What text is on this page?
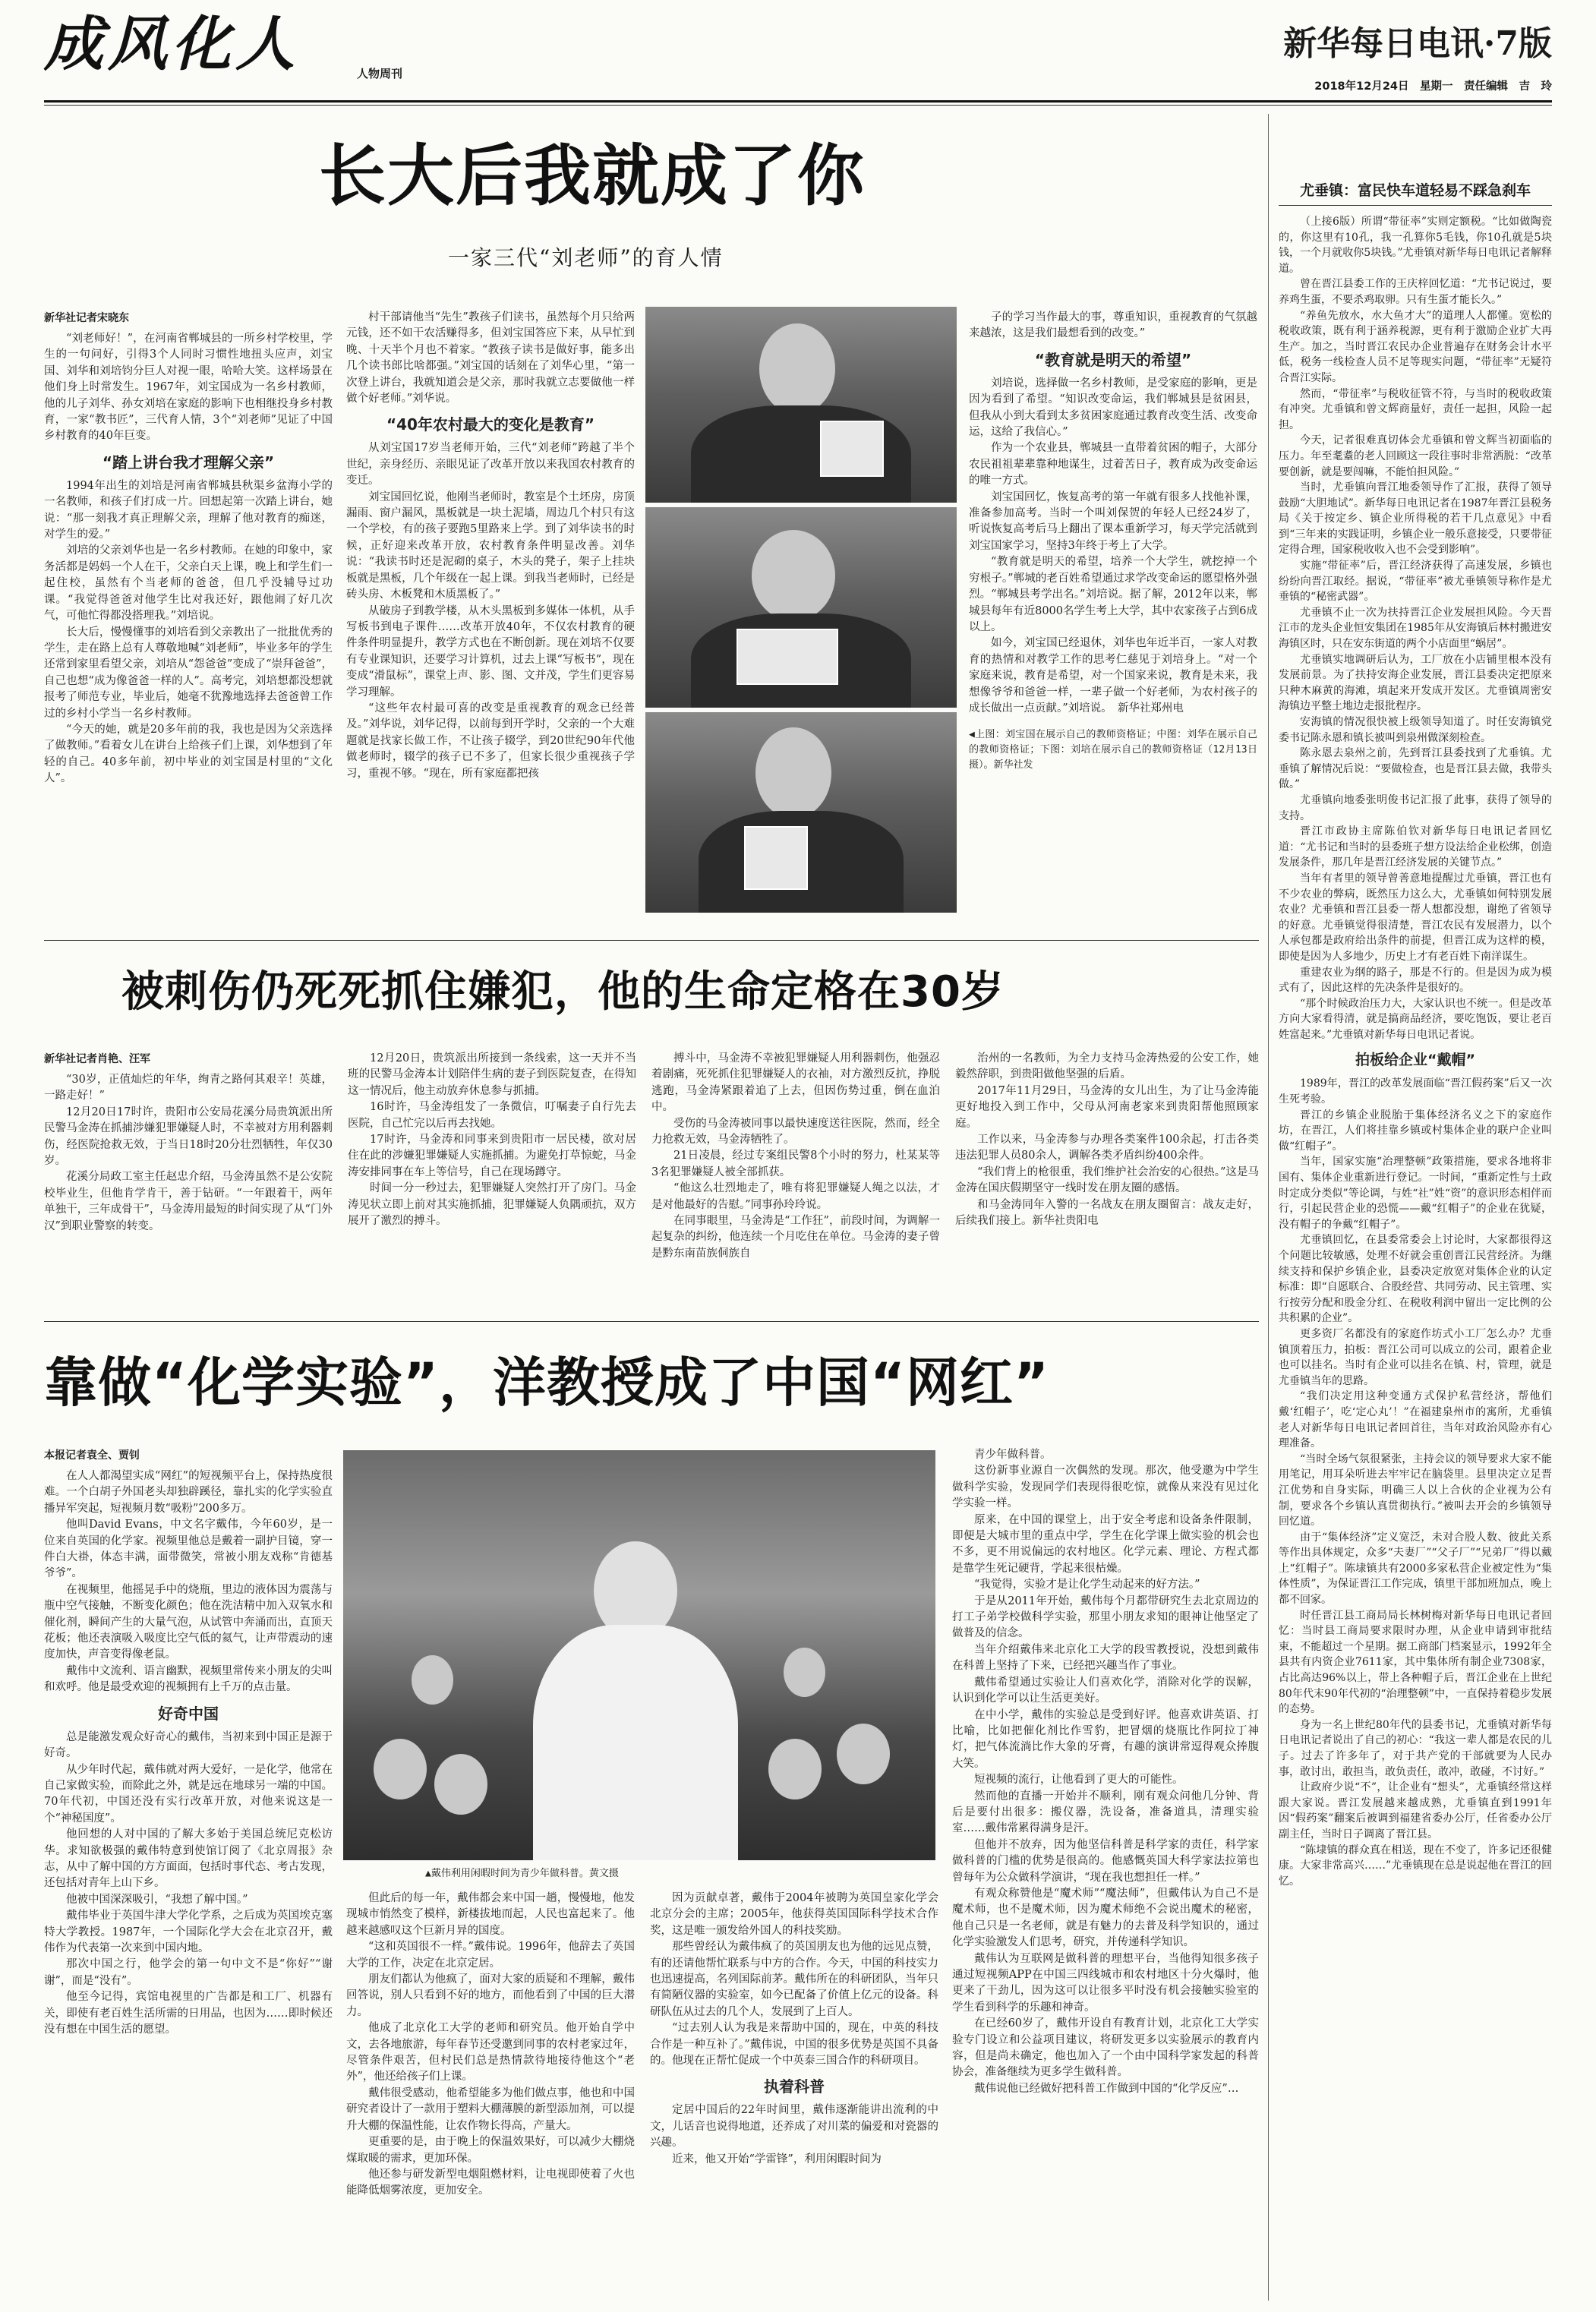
成风化人	人物周刊
新华每日电讯·7版
2018年12月24日　星期一　责任编辑　吉　玲
长大后我就成了你
一家三代“刘老师”的育人情
新华社记者宋晓东

“刘老师好！”，在河南省郸城县的一所乡村学校里，学生的一句问好，引得3个人同时习惯性地扭头应声，刘宝国、刘华和刘培钧分巨人对视一眼，哈哈大笑。这样场景在他们身上时常发生。1967年，刘宝国成为一名乡村教师，他的儿子刘华、孙女刘培在家庭的影响下也相继投身乡村教育，一家“教书匠”，三代育人情，3个“刘老师”见证了中国乡村教育的40年巨变。

“踏上讲台我才理解父亲”

1994年出生的刘培是河南省郸城县秋渠乡盆海小学的一名教师，和孩子们打成一片。回想起第一次踏上讲台，她说：“那一刻我才真正理解父亲，理解了他对教育的痴迷，对学生的爱。”

刘培的父亲刘华也是一名乡村教师。在她的印象中，家务活都是妈妈一个人在干，父亲白天上课，晚上和学生们一起住校，虽然有个当老师的爸爸，但几乎没辅导过功课。“我觉得爸爸对他学生比对我还好，跟他闹了好几次气，可他忙得都没搭理我。”刘培说。

长大后，慢慢懂事的刘培看到父亲教出了一批批优秀的学生，走在路上总有人尊敬地喊“刘老师”，毕业多年的学生还常到家里看望父亲，刘培从“怨爸爸”变成了“崇拜爸爸”，自己也想“成为像爸爸一样的人”。高考完，刘培想都没想就报考了师范专业，毕业后，她毫不犹豫地选择去爸爸曾工作过的乡村小学当一名乡村教师。

“今天的她，就是20多年前的我，我也是因为父亲选择了做教师。”看着女儿在讲台上给孩子们上课，刘华想到了年轻的自己。40多年前，初中毕业的刘宝国是村里的“文化人”。

村干部请他当“先生”教孩子们读书，虽然每个月只给两元钱，还不如干农活赚得多，但刘宝国答应下来，从早忙到晚、十天半个月也不着家。“教孩子读书是做好事，能多出几个读书郎比啥都强。”刘宝国的话刻在了刘华心里，“第一次登上讲台，我就知道会是父亲，那时我就立志要做他一样做个好老师。”刘华说。

“40年农村最大的变化是教育”

从刘宝国17岁当老师开始，三代“刘老师”跨越了半个世纪，亲身经历、亲眼见证了改革开放以来我国农村教育的变迁。

刘宝国回忆说，他刚当老师时，教室是个土坯房，房顶漏雨、窗户漏风，黑板就是一块土泥墙，周边几个村只有这一个学校，有的孩子要跑5里路来上学。到了刘华读书的时候，正好迎来改革开放，农村教育条件明显改善。刘华说：“我读书时还是泥砌的桌子，木头的凳子，架子上挂块板就是黑板，几个年级在一起上课。到我当老师时，已经是砖头房、木板凳和木质黑板了。”

从破房子到教学楼，从木头黑板到多媒体一体机，从手写板书到电子课件……改革开放40年，不仅农村教育的硬件条件明显提升，教学方式也在不断创新。现在刘培不仅要有专业课知识，还要学习计算机，过去上课“写板书”，现在变成“滑鼠标”，课堂上声、影、图、文并茂，学生们更容易学习理解。

“这些年农村最可喜的改变是重视教育的观念已经普及。”刘华说，刘华记得，以前每到开学时，父亲的一个大难题就是找家长做工作，不让孩子辍学，到20世纪90年代他做老师时，辍学的孩子已不多了，但家长很少重视孩子学习，重视不够。“现在，所有家庭都把孩

子的学习当作最大的事，尊重知识，重视教育的气氛越来越浓，这是我们最想看到的改变。”

“教育就是明天的希望”

刘培说，选择做一名乡村教师，是受家庭的影响，更是因为看到了希望。“知识改变命运，我们郸城县是贫困县，但我从小到大看到太多贫困家庭通过教育改变生活、改变命运，这给了我信心。”

作为一个农业县，郸城县一直带着贫困的帽子，大部分农民祖祖辈辈靠种地谋生，过着苦日子，教育成为改变命运的唯一方式。

刘宝国回忆，恢复高考的第一年就有很多人找他补课，准备参加高考。当时一个叫刘保贺的年轻人已经24岁了，听说恢复高考后马上翻出了课本重新学习，每天学完活就到刘宝国家学习，坚持3年终于考上了大学。

“教育就是明天的希望，培养一个大学生，就挖掉一个穷根子。”郸城的老百姓希望通过求学改变命运的愿望格外强烈。“郸城县考学出名。”刘培说。据了解，2012年以来，郸城县每年有近8000名学生考上大学，其中农家孩子占到6成以上。

如今，刘宝国已经退休，刘华也年近半百，一家人对教育的热情和对教学工作的思考仁慈见于刘培身上。“对一个家庭来说，教育是希望，对一个国家来说，教育是未来，我想像爷爷和爸爸一样，一辈子做一个好老师，为农村孩子的成长做出一点贡献。”刘培说。　新华社郑州电

◀上图：刘宝国在展示自己的教师资格证；中图：刘华在展示自己的教师资格证；下图：刘培在展示自己的教师资格证（12月13日摄）。新华社发
被刺伤仍死死抓住嫌犯，他的生命定格在30岁
新华社记者肖艳、汪军

“30岁，正值灿烂的年华，绚青之路何其艰辛！英雄，一路走好！”

12月20日17时许，贵阳市公安局花溪分局贵筑派出所民警马金涛在抓捕涉嫌犯罪嫌疑人时，不幸被对方用利器刺伤，经医院抢救无效，于当日18时20分壮烈牺牲，年仅30岁。

花溪分局政工室主任赵忠介绍，马金涛虽然不是公安院校毕业生，但他肯学肯干，善于钻研。“一年跟着干，两年单独干，三年成骨干”，马金涛用最短的时间实现了从“门外汉”到职业警察的转变。

12月20日，贵筑派出所接到一条线索，这一天并不当班的民警马金涛本计划陪伴生病的妻子到医院复查，在得知这一情况后，他主动放弃休息参与抓捕。

16时许，马金涛组发了一条微信，叮嘱妻子自行先去医院，自己忙完以后再去找她。

17时许，马金涛和同事来到贵阳市一居民楼，欲对居住在此的涉嫌犯罪嫌疑人实施抓捕。为避免打草惊蛇，马金涛安排同事在车上等信号，自己在现场蹲守。

时间一分一秒过去，犯罪嫌疑人突然打开了房门。马金涛见状立即上前对其实施抓捕，犯罪嫌疑人负隅顽抗，双方展开了激烈的搏斗。

搏斗中，马金涛不幸被犯罪嫌疑人用利器刺伤，他强忍着剧痛，死死抓住犯罪嫌疑人的衣袖，对方激烈反抗，挣脱逃跑，马金涛紧跟着追了上去，但因伤势过重，倒在血泊中。

受伤的马金涛被同事以最快速度送往医院，然而，经全力抢救无效，马金涛牺牲了。

21日凌晨，经过专案组民警8个小时的努力，杜某某等3名犯罪嫌疑人被全部抓获。

“他这么壮烈地走了，唯有将犯罪嫌疑人绳之以法，才是对他最好的告慰。”同事孙玲玲说。

在同事眼里，马金涛是“工作狂”，前段时间，为调解一起复杂的纠纷，他连续一个月吃住在单位。马金涛的妻子曾是黔东南苗族侗族自

治州的一名教师，为全力支持马金涛热爱的公安工作，她毅然辞职，到贵阳做他坚强的后盾。

2017年11月29日，马金涛的女儿出生，为了让马金涛能更好地投入到工作中，父母从河南老家来到贵阳帮他照顾家庭。

工作以来，马金涛参与办理各类案件100余起，打击各类违法犯罪人员80余人，调解各类矛盾纠纷400余件。

“我们背上的枪很重，我们维护社会治安的心很热。”这是马金涛在国庆假期坚守一线时发在朋友圈的感悟。

和马金涛同年入警的一名战友在朋友圈留言：战友走好，后续我们接上。新华社贵阳电

靠做“化学实验”，洋教授成了中国“网红”
本报记者袁全、贾钊

在人人都渴望实成“网红”的短视频平台上，保持热度很难。一个白胡子外国老头却独辟蹊径，靠扎实的化学实验直播异军突起，短视频月数“吸粉”200多万。

他叫David Evans，中文名字戴伟，今年60岁，是一位来自英国的化学家。视频里他总是戴着一副护目镜，穿一件白大褂，体态丰满，面带微笑，常被小朋友戏称“肯德基爷爷”。

在视频里，他摇晃手中的烧瓶，里边的液体因为震荡与瓶中空气接触，不断变化颜色；他在洗洁精中加入双氧水和催化剂，瞬间产生的大量气泡，从试管中奔涌而出，直顶天花板；他还表演吸入吸度比空气低的氦气，让声带震动的速度加快，声音变得像老鼠。

戴伟中文流利、语言幽默，视频里常传来小朋友的尖叫和欢呼。他是最受欢迎的视频拥有上千万的点击量。

好奇中国

总是能激发观众好奇心的戴伟，当初来到中国正是源于好奇。

从少年时代起，戴伟就对两大爱好，一是化学，他常在自己家做实验，而除此之外，就是远在地球另一端的中国。70年代初，中国还没有实行改革开放，对他来说这是一个“神秘国度”。

他回想的人对中国的了解大多始于美国总统尼克松访华。求知欲极强的戴伟特意到使馆订阅了《北京周报》杂志，从中了解中国的方方面面，包括时事代态、考古发现，还包括对青年上山下乡。

他被中国深深吸引，“我想了解中国。”

戴伟毕业于英国牛津大学化学系，之后成为英国埃克塞特大学教授。1987年，一个国际化学大会在北京召开，戴伟作为代表第一次来到中国内地。

那次中国之行，他学会的第一句中文不是“你好”“谢谢”，而是“没有”。

他至今记得，宾馆电视里的广告都是和工厂、机器有关，即使有老百姓生活所需的日用品，也因为……即时候还没有想在中国生活的愿望。

▲戴伟利用闲暇时间为青少年做科普。黄文摄

但此后的每一年，戴伟都会来中国一趟，慢慢地，他发现城市悄然变了模样，新楼拔地而起，人民也富起来了。他越来越感叹这个巨新月异的国度。

“这和英国很不一样。”戴伟说。1996年，他辞去了英国大学的工作，决定在北京定居。

朋友们都认为他疯了，面对大家的质疑和不理解，戴伟回答说，别人只看到不好的地方，而他看到了中国的巨大潜力。

他成了北京化工大学的老师和研究员。他开始自学中文，去各地旅游，每年春节还受邀到同事的农村老家过年，尽管条件艰苦，但村民们总是热情款待地接待他这个“老外”，他还给孩子们上课。

戴伟很受感动，他希望能多为他们做点事，他也和中国研究者设计了一款用于塑料大棚薄膜的新型添加剂，可以提升大棚的保温性能，让农作物长得高，产量大。

更重要的是，由于晚上的保温效果好，可以减少大棚烧煤取暖的需求，更加环保。

他还参与研发新型电烟阻燃材料，让电视即使着了火也能降低烟雾浓度，更加安全。

因为贡献卓著，戴伟于2004年被聘为英国皇家化学会北京分会的主席；2005年，他获得英国国际科学技术合作奖，这是唯一颁发给外国人的科技奖励。

那些曾经认为戴伟疯了的英国朋友也为他的远见点赞，有的还请他帮忙联系与中方的合作。今天，中国的科技实力也迅速提高，名列国际前茅。戴伟所在的科研团队，当年只有简陋仪器的实验室，如今已配备了价值上亿元的设备。科研队伍从过去的几个人，发展到了上百人。

“过去别人认为我是来帮助中国的，现在，中英的科技合作是一种互补了。”戴伟说，中国的很多优势是英国不具备的。他现在正帮忙促成一个中英泰三国合作的科研项目。

执着科普

定居中国后的22年时间里，戴伟逐渐能讲出流利的中文，儿话音也说得地道，还养成了对川菜的偏爱和对瓷器的兴趣。

近来，他又开始“学雷锋”，利用闲暇时间为

青少年做科普。

这份新事业源自一次偶然的发现。那次，他受邀为中学生做科学实验，发现同学们表现得很吃惊，就像从来没有见过化学实验一样。

原来，在中国的课堂上，出于安全考虑和设备条件限制，即便是大城市里的重点中学，学生在化学课上做实验的机会也不多，更不用说偏远的农村地区。化学元素、理论、方程式都是靠学生死记硬背，学起来很枯燥。

“我觉得，实验才是让化学生动起来的好方法。”

于是从2011年开始，戴伟每个月都带研究生去北京周边的打工子弟学校做科学实验，那里小朋友求知的眼神让他坚定了做普及的信念。

当年介绍戴伟来北京化工大学的段雪教授说，没想到戴伟在科普上坚持了下来，已经把兴趣当作了事业。

戴伟希望通过实验让人们喜欢化学，消除对化学的误解，认识到化学可以让生活更美好。

在中小学，戴伟的实验总是受到好评。他喜欢讲英语、打比喻，比如把催化剂比作雪豹，把冒烟的烧瓶比作阿拉丁神灯，把气体流淌比作大象的牙膏，有趣的演讲常逗得观众捧腹大笑。

短视频的流行，让他看到了更大的可能性。

然而他的直播一开始并不顺利，刚有观众问他几分钟、背后是要付出很多：搬仪器，洗设备，准备道具，清理实验室……戴伟常累得满身是汗。

但他并不放弃，因为他坚信科普是科学家的责任，科学家做科普的门槛的优势是很高的。他感慨英国大科学家法拉第也曾每年为公众做科学演讲，“现在我也想担任一样。”

有观众称赞他是“魔术师”“魔法师”，但戴伟认为自己不是魔术师，也不是魔术师，因为魔术师绝不会说出魔术的秘密，他自己只是一名老师，就是有魅力的去普及科学知识的，通过化学实验激发人们思考，研究，并传递科学知识。

戴伟认为互联网是做科普的理想平台，当他得知很多孩子通过短视频APP在中国三四线城市和农村地区十分火爆时，他更来了干劲儿，因为这可以让很多平时没有机会接触实验室的学生看到科学的乐趣和神奇。

在已经60岁了，戴伟开设自有教育计划，北京化工大学实验专门设立和公益项目建议，将研发更多以实验展示的教育内容，但是尚未确定，他也加入了一个由中国科学家发起的科普协会，准备继续为更多学生做科普。

戴伟说他已经做好把科普工作做到中国的“化学反应”…

尤垂镇：富民快车道轻易不踩急刹车

（上接6版）所谓“带征率”实则定额税。“比如做陶瓷的，你这里有10孔，我一孔算你5毛钱，你10孔就是5块钱，一个月就收你5块钱。”尤垂镇对新华每日电讯记者解释道。

曾在晋江县委工作的王庆梓回忆道：“尤书记说过，要养鸡生蛋，不要杀鸡取卵。只有生蛋才能长久。”

“养鱼先放水，水大鱼才大”的道理人人都懂。宽松的税收政策，既有利于涵养税源，更有利于激励企业扩大再生产。加之，当时晋江农民办企业普遍存在财务会计水平低，税务一线检查人员不足等现实问题，“带征率”无疑符合晋江实际。

然而，“带征率”与税收征管不符，与当时的税收政策有冲突。尤垂镇和曾文辉商量好，责任一起担，风险一起担。

今天，记者很难真切体会尤垂镇和曾文辉当初面临的压力。年至耄耋的老人回顾这一段往事时非常洒脱：“改革要创新，就是要闯嘛，不能怕担风险。”

当时，尤垂镇向晋江地委领导作了汇报，获得了领导鼓励“大胆地试”。新华每日电讯记者在1987年晋江县税务局《关于按定乡、镇企业所得税的若干几点意见》中看到“三年来的实践证明，乡镇企业一般乐意接受，只要带征定得合理，国家税收收入也不会受到影响”。

实施“带征率”后，晋江经济获得了高速发展，乡镇也纷纷向晋江取经。据说，“带征率”被尤垂镇领导称作是尤垂镇的“秘密武器”。

尤垂镇不止一次为扶持晋江企业发展担风险。今天晋江市的龙头企业恒安集团在1985年从安海镇后林村搬进安海镇区时，只在安东街道的两个小店面里“蜗居”。

尤垂镇实地调研后认为，工厂放在小店铺里根本没有发展前景。为了扶持安海企业发展，晋江县委决定把原来只种木麻黄的海滩，填起来开发成开发区。尤垂镇周密安海镇边平整土地边走报批程序。

安海镇的情况很快被上级领导知道了。时任安海镇党委书记陈永恩和镇长被叫到泉州做深刻检查。

陈永恩去泉州之前，先到晋江县委找到了尤垂镇。尤垂镇了解情况后说：“要做检查，也是晋江县去做，我带头做。”

尤垂镇向地委张明俊书记汇报了此事，获得了领导的支持。

晋江市政协主席陈伯钦对新华每日电讯记者回忆道：“尤书记和当时的县委班子想方设法给企业松绑，创造发展条件，那几年是晋江经济发展的关键节点。”

当年有者里的领导曾善意地提醒过尤垂镇，晋江也有不少农业的弊病，既然压力这么大，尤垂镇如何特别发展农业？尤垂镇和晋江县委一帮人想都没想，谢绝了省领导的好意。尤垂镇觉得很清楚，晋江农民有发展潜力，以个人承包都是政府给出条件的前提，但晋江成为这样的模，即使是因为人多地少，历史上才有老百姓下南洋谋生。

重建农业为纲的路子，那是不行的。但是因为成为模式有了，因此这样的先决条件是很好的。

“那个时候政治压力大，大家认识也不统一。但是改革方向大家看得清，就是搞商品经济，要吃饱饭，要让老百姓富起来。”尤垂镇对新华每日电讯记者说。

拍板给企业“戴帽”

1989年，晋江的改革发展面临“晋江假药案”后又一次生死考验。

晋江的乡镇企业脱胎于集体经济名义之下的家庭作坊，在晋江，人们将挂靠乡镇或村集体企业的联户企业叫做“红帽子”。

当年，国家实施“治理整顿”政策措施，要求各地将非国有、集体企业重新进行登记。一时间，“重新定性与土政时定成分类似”等论调，与姓“社”姓“资”的意识形态相伴而行，引起民营企业的恐慌——戴“红帽子”的企业在犹疑，没有帽子的争戴“红帽子”。

尤垂镇回忆，在县委常委会上讨论时，大家都很得这个问题比较敏感，处理不好就会重创晋江民营经济。为继续支持和保护乡镇企业，县委决定放宽对集体企业的认定标准：即“自愿联合、合股经营、共同劳动、民主管理、实行按劳分配和股金分红、在税收利润中留出一定比例的公共积累的企业”。

更多资厂名都没有的家庭作坊式小工厂怎么办？尤垂镇顶着压力，拍板：晋江公司可以成立的公司，跟着企业也可以挂名。当时有企业可以挂名在镇、村，管理，就是尤垂镇当年的思路。

“我们决定用这种变通方式保护私营经济，帮他们戴‘红帽子’，吃‘定心丸’！”在福建泉州市的寓所，尤垂镇老人对新华每日电讯记者回首往，当年对政治风险亦有心理准备。

“当时全场气氛很紧张，主持会议的领导要求大家不能用笔记，用耳朵听进去牢牢记在脑袋里。县里决定立足晋江优势和自身实际，明确三人以上合伙的企业视为公有制，要求各个乡镇认真贯彻执行。”被叫去开会的乡镇领导回忆道。

由于“集体经济”定义宽泛，未对合股人数、彼此关系等作出具体规定，众多“夫妻厂”“父子厂”“兄弟厂”得以戴上“红帽子”。陈埭镇共有2000多家私营企业被定性为“集体性质”，为保证晋江工作完成，镇里干部加班加点，晚上都不回家。

时任晋江县工商局局长林树梅对新华每日电讯记者回忆：当时县工商局要求限时办理，从企业申请到审批结束，不能超过一个星期。据工商部门档案显示，1992年全县共有内资企业7611家，其中集体所有制企业7308家，占比高达96%以上，带上各种帽子后，晋江企业在上世纪80年代末90年代初的“治理整顿”中，一直保持着稳步发展的态势。

身为一名上世纪80年代的县委书记，尤垂镇对新华每日电讯记者说出了自己的初心：“我这一辈人都是农民的儿子。过去了许多年了，对于共产党的干部就要为人民办事，敢讨出，敢担当，敢负责任，敢冲，敢碰，不讨好。”

让政府少说“不”，让企业有“想头”，尤垂镇经常这样跟大家说。晋江发展越来越成熟，尤垂镇直到1991年因“假药案”翻案后被调到福建省委办公厅，任省委办公厅副主任，当时日子调离了晋江县。

“陈埭镇的群众真在相送，现在不变了，许多记还很健康。大家非常高兴……”尤垂镇现在总是说起他在晋江的回忆。
